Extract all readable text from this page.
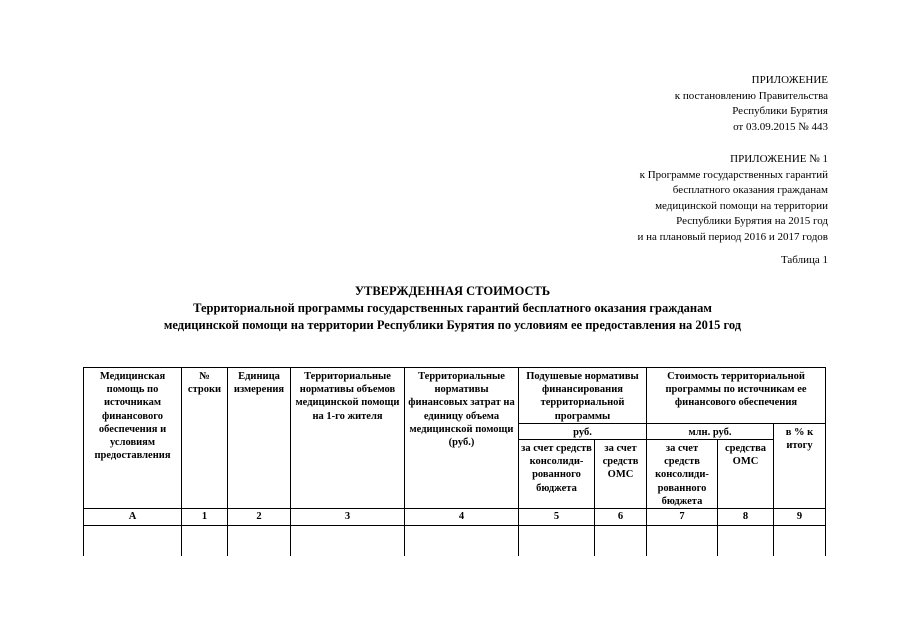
ПРИЛОЖЕНИЕ
к постановлению Правительства
Республики Бурятия
от 03.09.2015 № 443
ПРИЛОЖЕНИЕ № 1
к Программе государственных гарантий
бесплатного оказания гражданам
медицинской помощи на территории
Республики Бурятия на 2015 год
и на плановый период 2016 и 2017 годов
Таблица 1
УТВЕРЖДЕННАЯ СТОИМОСТЬ
Территориальной программы государственных гарантий бесплатного оказания гражданам
медицинской помощи на территории Республики Бурятия по условиям ее предоставления на 2015 год
Медицинская помощь по источникам финансового обеспечения и условиям предоставления	№ строки	Единица измерения	Территориальные нормативы объемов медицинской помощи на 1-го жителя	Территориальные нормативы финансовых затрат на единицу объема медицинской помощи (руб.)	Подушевые нормативы финансирования территориальной программы		Стоимость территориальной программы по источникам ее финансового обеспечения		
					руб.		млн. руб.		в % к итогу
					за счет средств консолиди-рованного бюджета	за счет средств ОМС	за счет средств консолиди-рованного бюджета	средства ОМС	
А	1	2	3	4	5	6	7	8	9
